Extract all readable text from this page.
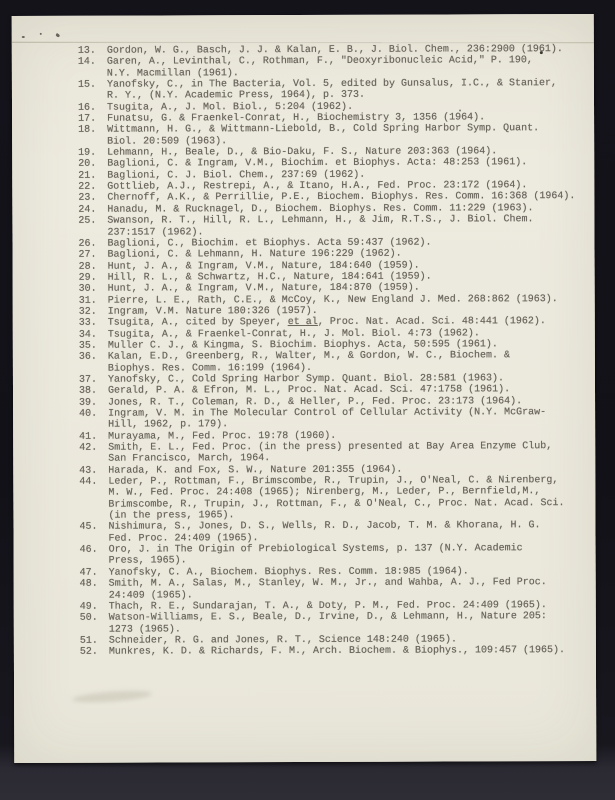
13.	Gordon, W. G., Basch, J. J. & Kalan, E. B., J. Biol. Chem., 236:2900 (1961).
14.	Garen, A., Levinthal, C., Rothman, F., "Deoxyribonucleic Acid," P. 190,
N.Y. Macmillan (1961).
15.	Yanofsky, C., in The Bacteria, Vol. 5, edited by Gunsalus, I.C., & Stanier,
R. Y., (N.Y. Academic Press, 1964), p. 373.
16.	Tsugita, A., J. Mol. Biol., 5:204 (1962).
17.	Funatsu, G. & Fraenkel-Conrat, H., Biochemistry 3, 1356 (1964).
18.	Wittmann, H. G., & Wittmann-Liebold, B., Cold Spring Harbor Symp. Quant.
Biol. 20:509 (1963).
19.	Lehmann, H., Beale, D., & Bio-Daku, F. S., Nature 203:363 (1964).
20.	Baglioni, C. & Ingram, V.M., Biochim. et Biophys. Acta: 48:253 (1961).
21.	Baglioni, C. J. Biol. Chem., 237:69 (1962).
22.	Gottlieb, A.J., Restrepi, A., & Itano, H.A., Fed. Proc. 23:172 (1964).
23.	Chernoff, A.K., & Perrillie, P.E., Biochem. Biophys. Res. Comm. 16:368 (1964).
24.	Hanadu, M. & Rucknagel, D., Biochem. Biophys. Res. Comm. 11:229 (1963).
25.	Swanson, R. T., Hill, R. L., Lehmann, H., & Jim, R.T.S., J. Biol. Chem.
237:1517 (1962).
26.	Baglioni, C., Biochim. et Biophys. Acta 59:437 (1962).
27.	Baglioni, C. & Lehmann, H. Nature 196:229 (1962).
28.	Hunt, J. A., & Ingram, V.M., Nature, 184:640 (1959).
29.	Hill, R. L., & Schwartz, H.C., Nature, 184:641 (1959).
30.	Hunt, J. A., & Ingram, V.M., Nature, 184:870 (1959).
31.	Pierre, L. E., Rath, C.E., & McCoy, K., New England J. Med. 268:862 (1963).
32.	Ingram, V.M. Nature 180:326 (1957).
33.	Tsugita, A., cited by Speyer, et al, Proc. Nat. Acad. Sci. 48:441 (1962).
34.	Tsugita, A., & Fraenkel-Conrat, H., J. Mol. Biol. 4:73 (1962).
35.	Muller C. J., & Kingma, S. Biochim. Biophys. Acta, 50:595 (1961).
36.	Kalan, E.D., Greenberg, R., Walter, M., & Gordon, W. C., Biochem. &
Biophys. Res. Comm. 16:199 (1964).
37.	Yanofsky, C., Cold Spring Harbor Symp. Quant. Biol. 28:581 (1963).
38.	Gerald, P. A. & Efron, M. L., Proc. Nat. Acad. Sci. 47:1758 (1961).
39.	Jones, R. T., Coleman, R. D., & Heller, P., Fed. Proc. 23:173 (1964).
40.	Ingram, V. M. in The Molecular Control of Cellular Activity (N.Y. McGraw-
Hill, 1962, p. 179).
41.	Murayama, M., Fed. Proc. 19:78 (1960).
42.	Smith, E. L., Fed. Proc. (in the press) presented at Bay Area Enzyme Club,
San Francisco, March, 1964.
43.	Harada, K. and Fox, S. W., Nature 201:355 (1964).
44.	Leder, P., Rottman, F., Brimscombe, R., Trupin, J., O'Neal, C. & Nirenberg,
M. W., Fed. Proc. 24:408 (1965); Nirenberg, M., Leder, P., Bernfield,M.,
Brimscombe, R., Trupin, J., Rottman, F., & O'Neal, C., Proc. Nat. Acad. Sci.
(in the press, 1965).
45.	Nishimura, S., Jones, D. S., Wells, R. D., Jacob, T. M. & Khorana, H. G.
Fed. Proc. 24:409 (1965).
46.	Oro, J. in The Origin of Prebiological Systems, p. 137 (N.Y. Academic
Press, 1965).
47.	Yanofsky, C. A., Biochem. Biophys. Res. Comm. 18:985 (1964).
48.	Smith, M. A., Salas, M., Stanley, W. M., Jr., and Wahba, A. J., Fed Proc.
24:409 (1965).
49.	Thach, R. E., Sundarajan, T. A., & Doty, P. M., Fed. Proc. 24:409 (1965).
50.	Watson-Williams, E. S., Beale, D., Irvine, D., & Lehmann, H., Nature 205:
1273 (1965).
51.	Schneider, R. G. and Jones, R. T., Science 148:240 (1965).
52.	Munkres, K. D. & Richards, F. M., Arch. Biochem. & Biophys., 109:457 (1965).
